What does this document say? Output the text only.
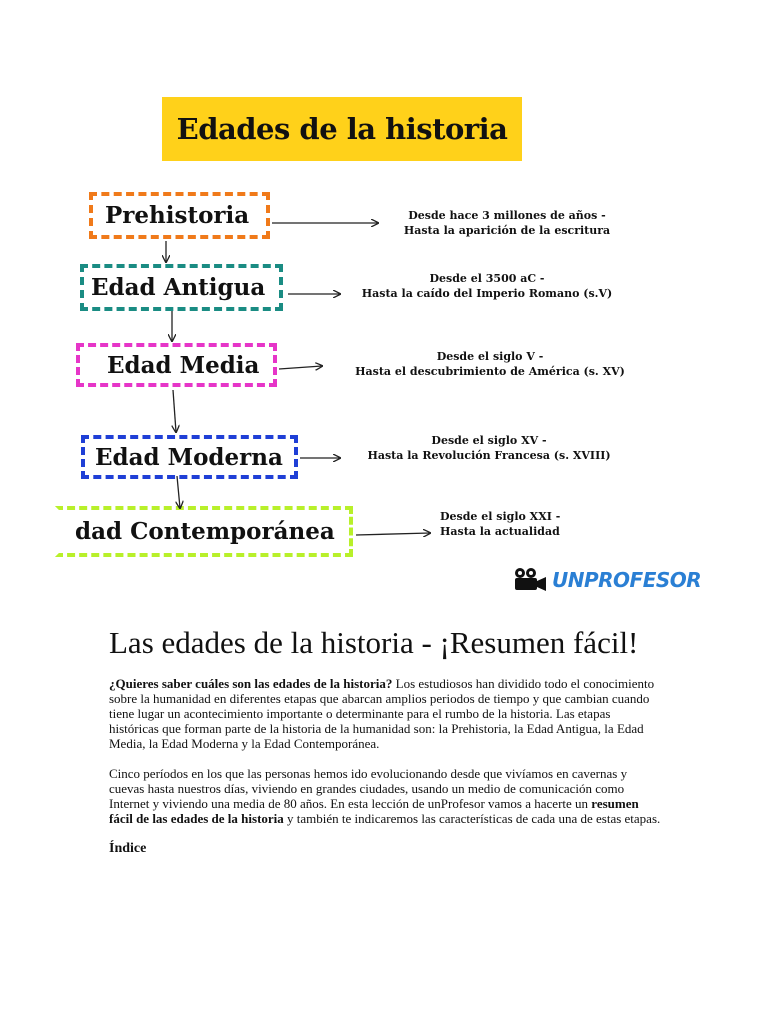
Edades de la historia
Prehistoria
Edad Antigua
Edad Media
Edad Moderna
dad Contemporánea
Desde hace 3 millones de años -
Hasta la aparición de la escritura
Desde el 3500 aC -
Hasta la caído del Imperio Romano (s.V)
Desde el siglo V -
Hasta el descubrimiento de América (s. XV)
Desde el siglo XV -
Hasta la Revolución Francesa (s. XVIII)
Desde el siglo XXI -
Hasta la actualidad
UNPROFESOR
Las edades de la historia - ¡Resumen fácil!

¿Quieres saber cuáles son las edades de la historia? Los estudiosos han dividido todo el conocimiento sobre la humanidad en diferentes etapas que abarcan amplios periodos de tiempo y que cambian cuando tiene lugar un acontecimiento importante o determinante para el rumbo de la historia. Las etapas históricas que forman parte de la historia de la humanidad son: la Prehistoria, la Edad Antigua, la Edad Media, la Edad Moderna y la Edad Contemporánea.

Cinco períodos en los que las personas hemos ido evolucionando desde que vivíamos en cavernas y cuevas hasta nuestros días, viviendo en grandes ciudades, usando un medio de comunicación como Internet y viviendo una media de 80 años. En esta lección de unProfesor vamos a hacerte un resumen fácil de las edades de la historia y también te indicaremos las características de cada una de estas etapas.

Índice
